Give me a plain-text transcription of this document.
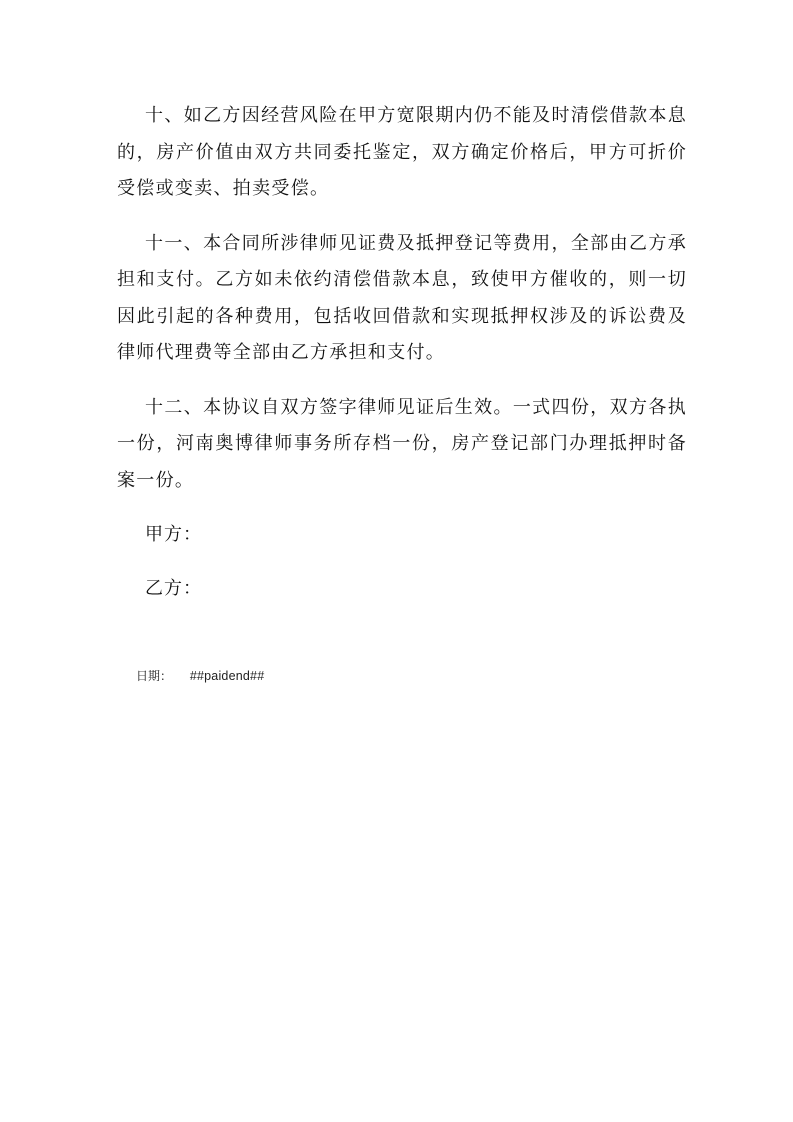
十、如乙方因经营风险在甲方宽限期内仍不能及时清偿借款本息的，房产价值由双方共同委托鉴定，双方确定价格后，甲方可折价受偿或变卖、拍卖受偿。

十一、本合同所涉律师见证费及抵押登记等费用，全部由乙方承担和支付。乙方如未依约清偿借款本息，致使甲方催收的，则一切因此引起的各种费用，包括收回借款和实现抵押权涉及的诉讼费及律师代理费等全部由乙方承担和支付。

十二、本协议自双方签字律师见证后生效。一式四份，双方各执一份，河南奥博律师事务所存档一份，房产登记部门办理抵押时备案一份。

甲方：

乙方：

日期： ##paidend##
